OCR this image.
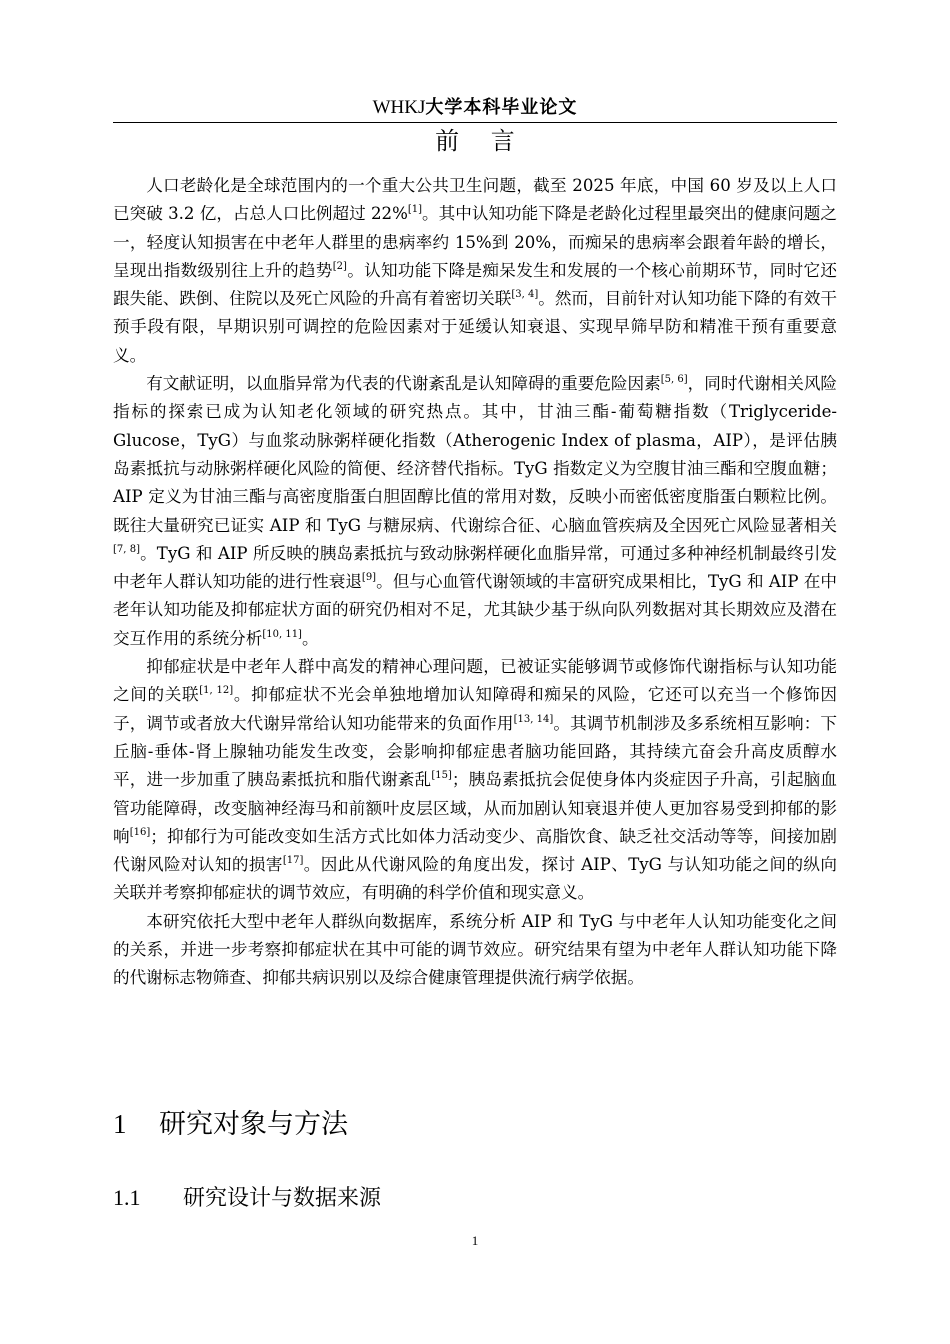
WHKJ大学本科毕业论文
前 言

人口老龄化是全球范围内的一个重大公共卫生问题，截至 2025 年底，中国 60 岁及以上人口已突破 3.2 亿，占总人口比例超过 22%[1]。其中认知功能下降是老龄化过程里最突出的健康问题之一，轻度认知损害在中老年人群里的患病率约 15%到 20%，而痴呆的患病率会跟着年龄的增长，呈现出指数级别往上升的趋势[2]。认知功能下降是痴呆发生和发展的一个核心前期环节，同时它还跟失能、跌倒、住院以及死亡风险的升高有着密切关联[3, 4]。然而，目前针对认知功能下降的有效干预手段有限，早期识别可调控的危险因素对于延缓认知衰退、实现早筛早防和精准干预有重要意义。

有文献证明，以血脂异常为代表的代谢紊乱是认知障碍的重要危险因素[5, 6]，同时代谢相关风险指标的探索已成为认知老化领域的研究热点。其中，甘油三酯-葡萄糖指数（Triglyceride-Glucose，TyG）与血浆动脉粥样硬化指数（Atherogenic Index of plasma，AIP），是评估胰岛素抵抗与动脉粥样硬化风险的简便、经济替代指标。TyG 指数定义为空腹甘油三酯和空腹血糖；AIP 定义为甘油三酯与高密度脂蛋白胆固醇比值的常用对数，反映小而密低密度脂蛋白颗粒比例。既往大量研究已证实 AIP 和 TyG 与糖尿病、代谢综合征、心脑血管疾病及全因死亡风险显著相关[7, 8]。TyG 和 AIP 所反映的胰岛素抵抗与致动脉粥样硬化血脂异常，可通过多种神经机制最终引发中老年人群认知功能的进行性衰退[9]。但与心血管代谢领域的丰富研究成果相比，TyG 和 AIP 在中老年认知功能及抑郁症状方面的研究仍相对不足，尤其缺少基于纵向队列数据对其长期效应及潜在交互作用的系统分析[10, 11]。

抑郁症状是中老年人群中高发的精神心理问题，已被证实能够调节或修饰代谢指标与认知功能之间的关联[1, 12]。抑郁症状不光会单独地增加认知障碍和痴呆的风险，它还可以充当一个修饰因子，调节或者放大代谢异常给认知功能带来的负面作用[13, 14]。其调节机制涉及多系统相互影响：下丘脑-垂体-肾上腺轴功能发生改变，会影响抑郁症患者脑功能回路，其持续亢奋会升高皮质醇水平，进一步加重了胰岛素抵抗和脂代谢紊乱[15]；胰岛素抵抗会促使身体内炎症因子升高，引起脑血管功能障碍，改变脑神经海马和前额叶皮层区域，从而加剧认知衰退并使人更加容易受到抑郁的影响[16]；抑郁行为可能改变如生活方式比如体力活动变少、高脂饮食、缺乏社交活动等等，间接加剧代谢风险对认知的损害[17]。因此从代谢风险的角度出发，探讨 AIP、TyG 与认知功能之间的纵向关联并考察抑郁症状的调节效应，有明确的科学价值和现实意义。

本研究依托大型中老年人群纵向数据库，系统分析 AIP 和 TyG 与中老年人认知功能变化之间的关系，并进一步考察抑郁症状在其中可能的调节效应。研究结果有望为中老年人群认知功能下降的代谢标志物筛查、抑郁共病识别以及综合健康管理提供流行病学依据。

1 研究对象与方法
1.1 研究设计与数据来源
1
